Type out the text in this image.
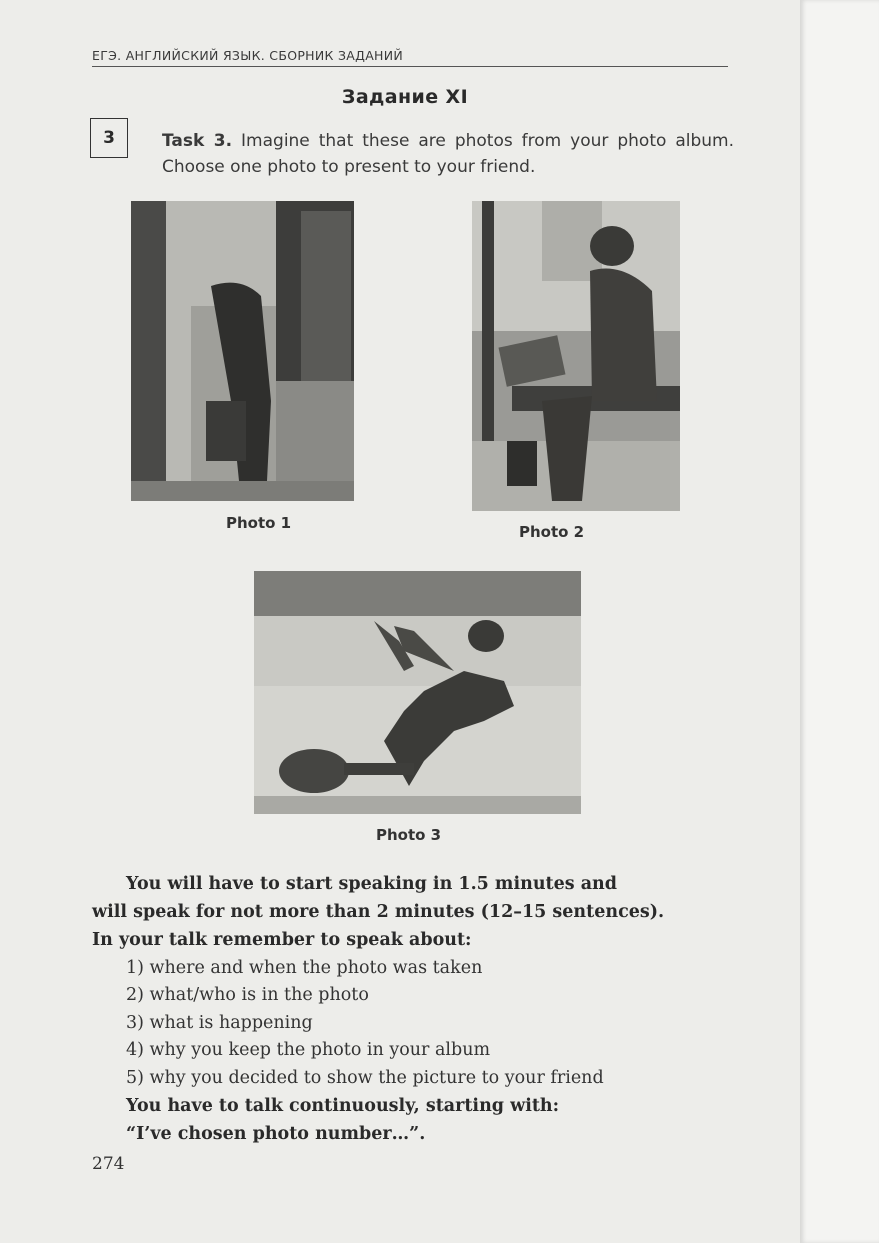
ЕГЭ. АНГЛИЙСКИЙ ЯЗЫК. СБОРНИК ЗАДАНИЙ
Задание XI
3	Task 3. Imagine that these are photos from your photo album. Choose one photo to present to your friend.
Photo 1	Photo 2
Photo 3
You will have to start speaking in 1.5 minutes and
will speak for not more than 2 minutes (12–15 sentences).
In your talk remember to speak about:
1) where and when the photo was taken
2) what/who is in the photo
3) what is happening
4) why you keep the photo in your album
5) why you decided to show the picture to your friend
You have to talk continuously, starting with:
“I’ve chosen photo number…”.
274
